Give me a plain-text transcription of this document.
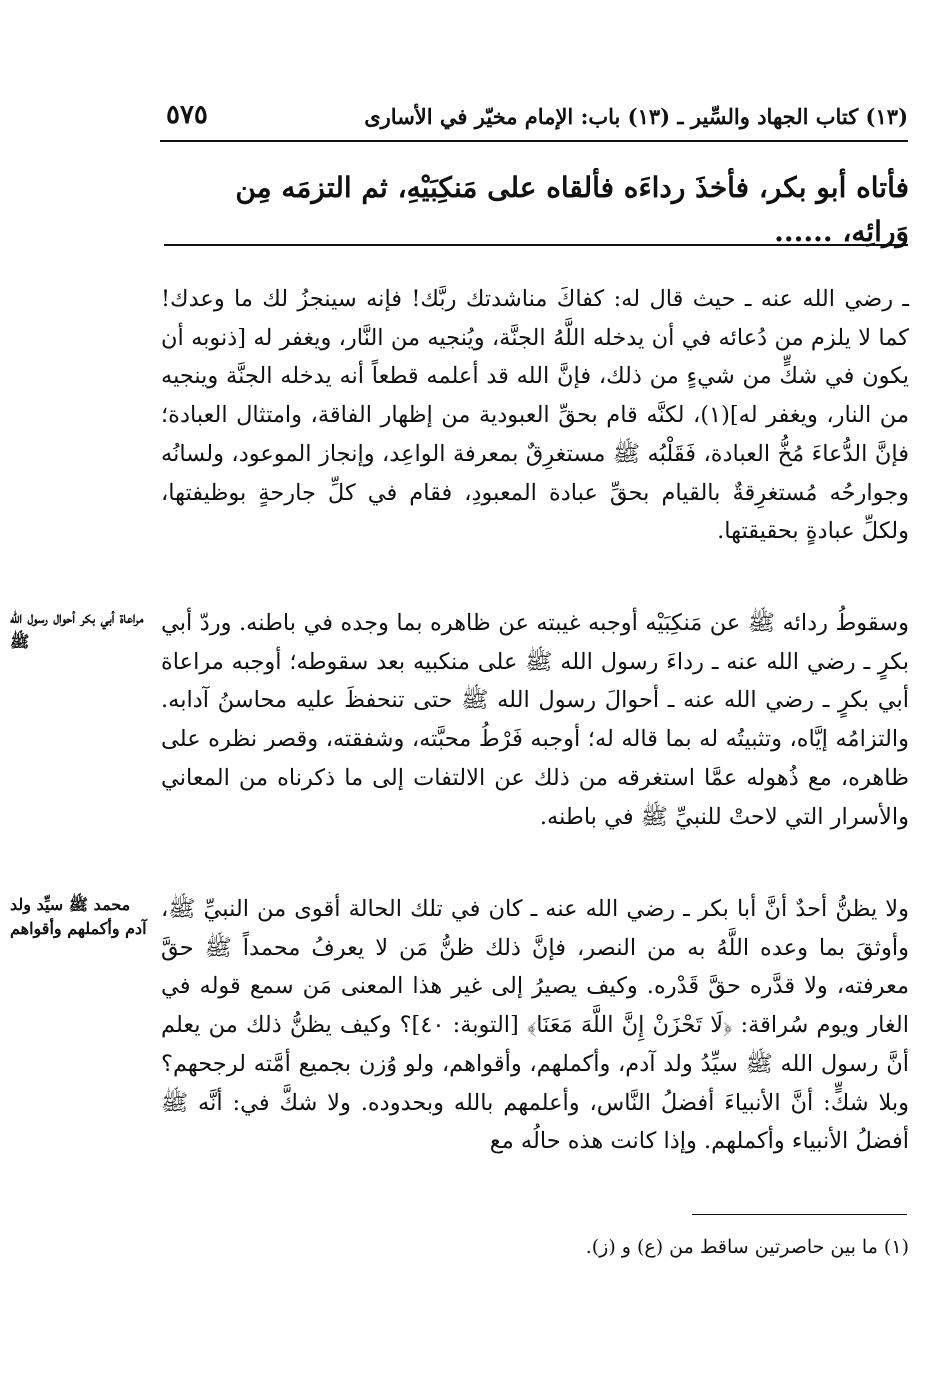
(١٣) كتاب الجهاد والسِّير ـ (١٣) باب: الإمام مخيّر في الأسارى
٥٧٥
فأتاه أبو بكر، فأخذَ رداءَه فألقاه على مَنكِبَيْهِ، ثم التزمَه مِن وَرائِه، ......
ـ رضي الله عنه ـ حيث قال له: كفاكَ مناشدتك ربَّك! فإنه سينجزُ لك ما وعدك! كما لا يلزم من دُعائه في أن يدخله اللَّهُ الجنَّة، ويُنجيه من النَّار، ويغفر له [ذنوبه أن يكون في شكٍّ من شيءٍ من ذلك، فإنَّ الله قد أعلمه قطعاً أنه يدخله الجنَّة وينجيه من النار، ويغفر له](١)، لكنَّه قام بحقِّ العبودية من إظهار الفاقة، وامتثال العبادة؛ فإنَّ الدُّعاءَ مُخُّ العبادة، فَقَلْبُه ﷺ مستغرِقٌ بمعرفة الواعِد، وإنجاز الموعود، ولسانُه وجوارحُه مُستغرِقةٌ بالقيام بحقِّ عبادة المعبودِ، فقام في كلِّ جارحةٍ بوظيفتها، ولكلِّ عبادةٍ بحقيقتها.
وسقوطُ ردائه ﷺ عن مَنكِبَيْه أوجبه غيبته عن ظاهره بما وجده في باطنه. وردّ أبي بكرٍ ـ رضي الله عنه ـ رداءَ رسول الله ﷺ على منكبيه بعد سقوطه؛ أوجبه مراعاة أبي بكرٍ ـ رضي الله عنه ـ أحوالَ رسول الله ﷺ حتى تنحفظَ عليه محاسنُ آدابه. والتزامُه إيَّاه، وتثبيتُه له بما قاله له؛ أوجبه فَرْطُ محبَّته، وشفقته، وقصر نظره على ظاهره، مع ذُهوله عمَّا استغرقه من ذلك عن الالتفات إلى ما ذكرناه من المعاني والأسرار التي لاحتْ للنبيِّ ﷺ في باطنه.
ولا يظنُّ أحدٌ أنَّ أبا بكر ـ رضي الله عنه ـ كان في تلك الحالة أقوى من النبيِّ ﷺ، وأوثقَ بما وعده اللَّهُ به من النصر، فإنَّ ذلك ظنُّ مَن لا يعرفُ محمداً ﷺ حقَّ معرفته، ولا قدَّره حقَّ قَدْره. وكيف يصيرُ إلى غير هذا المعنى مَن سمع قوله في الغار ويوم سُراقة: ﴿لَا تَحْزَنْ إِنَّ اللَّهَ مَعَنَا﴾ [التوبة: ٤٠]؟ وكيف يظنُّ ذلك من يعلم أنَّ رسول الله ﷺ سيِّدُ ولد آدم، وأكملهم، وأقواهم، ولو وُزن بجميع أمَّته لرجحهم؟ وبلا شكٍّ: أنَّ الأنبياءَ أفضلُ النَّاس، وأعلمهم بالله وبحدوده. ولا شكَّ في: أنَّه ﷺ أفضلُ الأنبياء وأكملهم. وإذا كانت هذه حالُه مع
مراعاة أبي بكر أحوال رسول الله ﷺ
محمد ﷺ سيِّد ولد آدم وأكملهم وأقواهم
(١) ما بين حاصرتين ساقط من (ع) و (ز).
